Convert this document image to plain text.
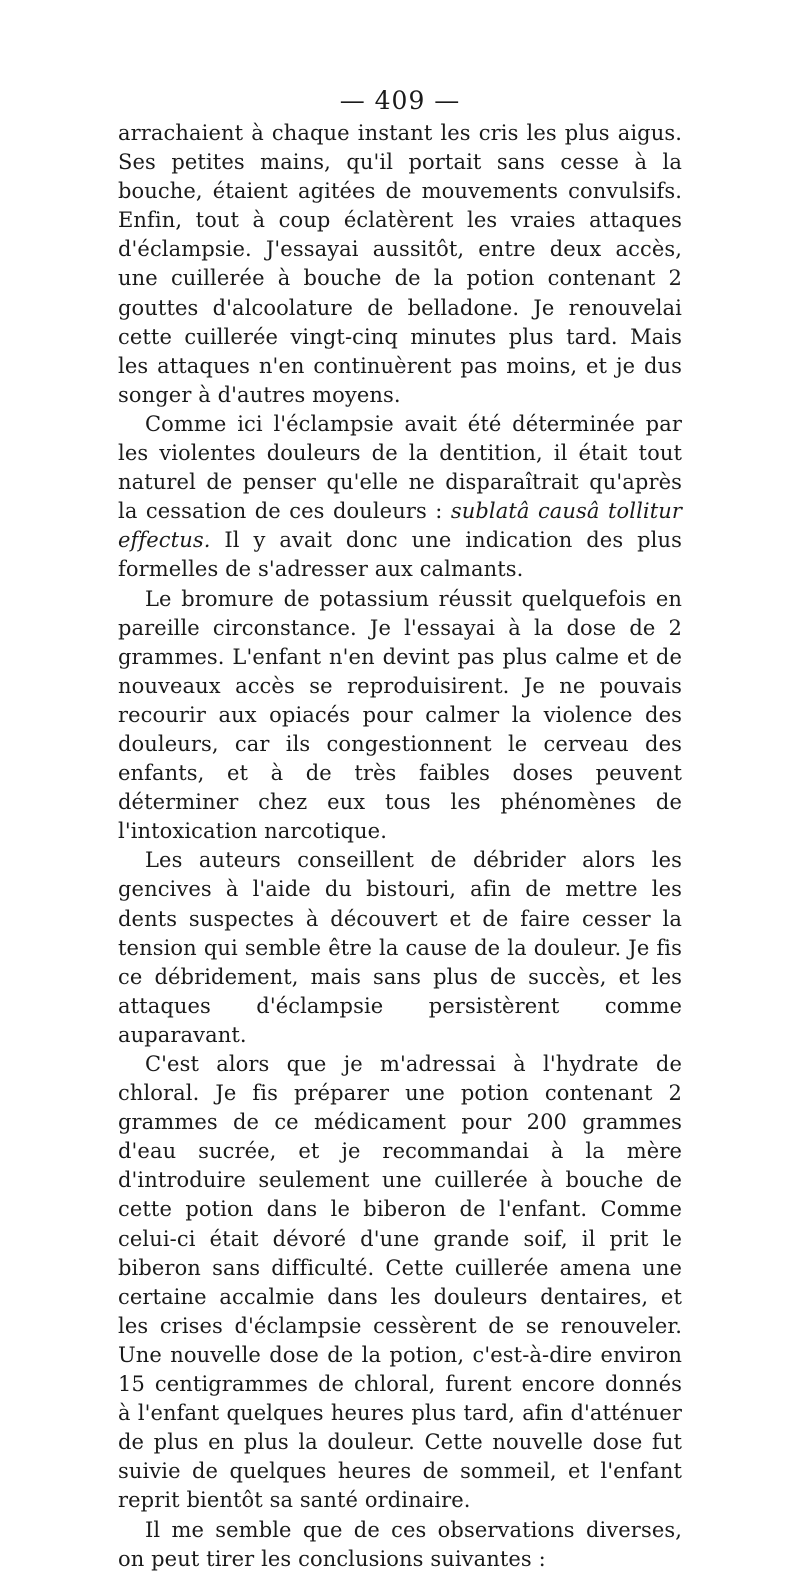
— 409 —

arrachaient à chaque instant les cris les plus aigus. Ses petites mains, qu'il portait sans cesse à la bouche, étaient agitées de mouvements convulsifs. Enfin, tout à coup éclatèrent les vraies attaques d'éclampsie. J'essayai aussitôt, entre deux accès, une cuillerée à bouche de la potion contenant 2 gouttes d'alcoolature de belladone. Je renouvelai cette cuillerée vingt-cinq minutes plus tard. Mais les attaques n'en continuèrent pas moins, et je dus songer à d'autres moyens.

Comme ici l'éclampsie avait été déterminée par les violentes douleurs de la dentition, il était tout naturel de penser qu'elle ne disparaîtrait qu'après la cessation de ces douleurs : sublatâ causâ tollitur effectus. Il y avait donc une indication des plus formelles de s'adresser aux calmants.

Le bromure de potassium réussit quelquefois en pareille circonstance. Je l'essayai à la dose de 2 grammes. L'enfant n'en devint pas plus calme et de nouveaux accès se reproduisirent. Je ne pouvais recourir aux opiacés pour calmer la violence des douleurs, car ils congestionnent le cerveau des enfants, et à de très faibles doses peuvent déterminer chez eux tous les phénomènes de l'intoxication narcotique.

Les auteurs conseillent de débrider alors les gencives à l'aide du bistouri, afin de mettre les dents suspectes à découvert et de faire cesser la tension qui semble être la cause de la douleur. Je fis ce débridement, mais sans plus de succès, et les attaques d'éclampsie persistèrent comme auparavant.

C'est alors que je m'adressai à l'hydrate de chloral. Je fis préparer une potion contenant 2 grammes de ce médicament pour 200 grammes d'eau sucrée, et je recommandai à la mère d'introduire seulement une cuillerée à bouche de cette potion dans le biberon de l'enfant. Comme celui-ci était dévoré d'une grande soif, il prit le biberon sans difficulté. Cette cuillerée amena une certaine accalmie dans les douleurs dentaires, et les crises d'éclampsie cessèrent de se renouveler. Une nouvelle dose de la potion, c'est-à-dire environ 15 centigrammes de chloral, furent encore donnés à l'enfant quelques heures plus tard, afin d'atténuer de plus en plus la douleur. Cette nouvelle dose fut suivie de quelques heures de sommeil, et l'enfant reprit bientôt sa santé ordinaire.

Il me semble que de ces observations diverses, on peut tirer les conclusions suivantes :
